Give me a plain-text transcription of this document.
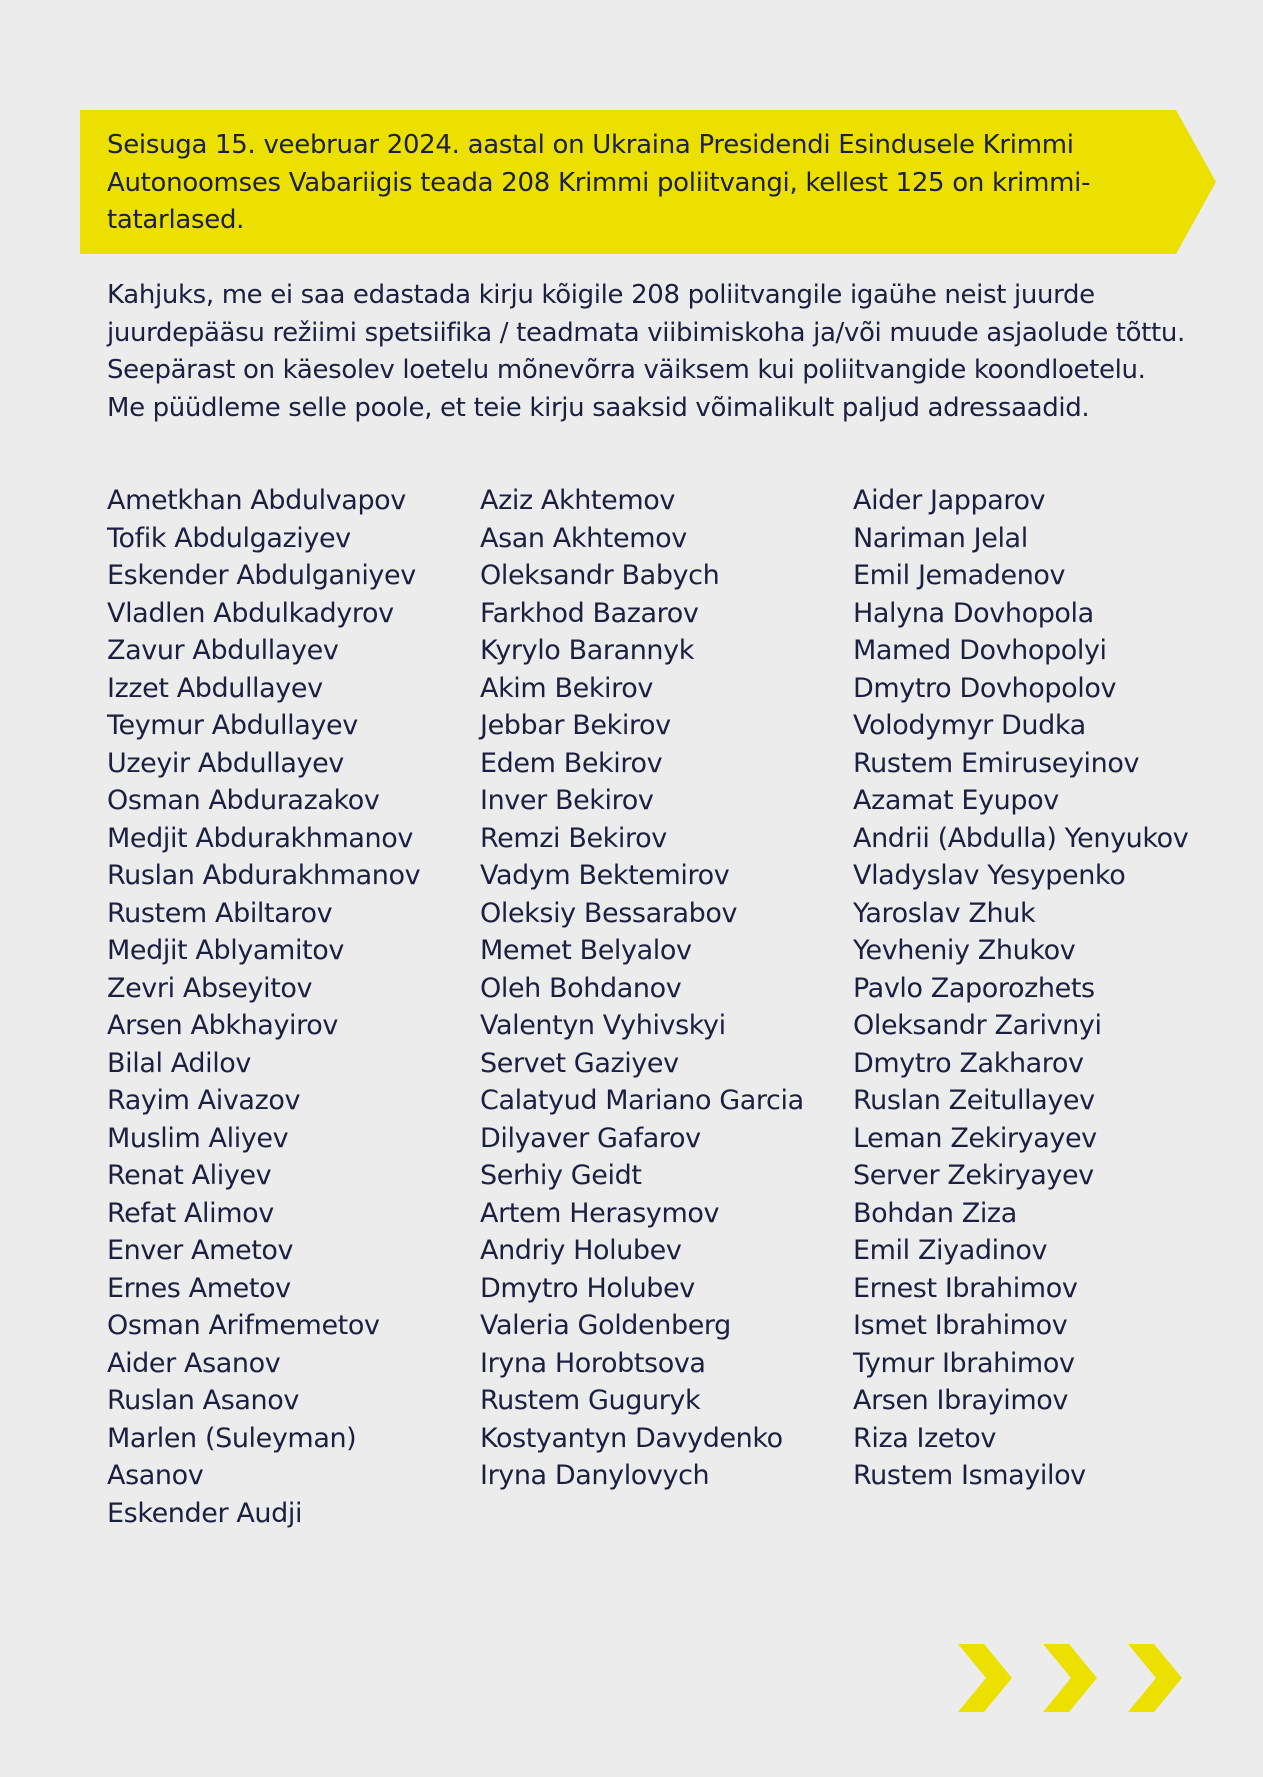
Seisuga 15. veebruar 2024. aastal on Ukraina Presidendi Esindusele Krimmi Autonoomses Vabariigis teada 208 Krimmi poliitvangi, kellest 125 on krimmi-tatarlased.

Kahjuks, me ei saa edastada kirju kõigile 208 poliitvangile igaühe neist juurde juurdepääsu režiimi spetsiifika / teadmata viibimiskoha ja/või muude asjaolude tõttu. Seepärast on käesolev loetelu mõnevõrra väiksem kui poliitvangide koondloetelu. Me püüdleme selle poole, et teie kirju saaksid võimalikult paljud adressaadid.

Ametkhan Abdulvapov
Tofik Abdulgaziyev
Eskender Abdulganiyev
Vladlen Abdulkadyrov
Zavur Abdullayev
Izzet Abdullayev
Teymur Abdullayev
Uzeyir Abdullayev
Osman Abdurazakov
Medjit Abdurakhmanov
Ruslan Abdurakhmanov
Rustem Abiltarov
Medjit Ablyamitov
Zevri Abseyitov
Arsen Abkhayirov
Bilal Adilov
Rayim Aivazov
Muslim Aliyev
Renat Aliyev
Refat Alimov
Enver Ametov
Ernes Ametov
Osman Arifmemetov
Aider Asanov
Ruslan Asanov
Marlen (Suleyman)
Asanov
Eskender Audji
Aziz Akhtemov
Asan Akhtemov
Oleksandr Babych
Farkhod Bazarov
Kyrylo Barannyk
Akim Bekirov
Jebbar Bekirov
Edem Bekirov
Inver Bekirov
Remzi Bekirov
Vadym Bektemirov
Oleksiy Bessarabov
Memet Belyalov
Oleh Bohdanov
Valentyn Vyhivskyi
Servet Gaziyev
Calatyud Mariano Garcia
Dilyaver Gafarov
Serhiy Geidt
Artem Herasymov
Andriy Holubev
Dmytro Holubev
Valeria Goldenberg
Iryna Horobtsova
Rustem Guguryk
Kostyantyn Davydenko
Iryna Danylovych
Aider Japparov
Nariman Jelal
Emil Jemadenov
Halyna Dovhopola
Mamed Dovhopolyi
Dmytro Dovhopolov
Volodymyr Dudka
Rustem Emiruseyinov
Azamat Eyupov
Andrii (Abdulla) Yenyukov
Vladyslav Yesypenko
Yaroslav Zhuk
Yevheniy Zhukov
Pavlo Zaporozhets
Oleksandr Zarivnyi
Dmytro Zakharov
Ruslan Zeitullayev
Leman Zekiryayev
Server Zekiryayev
Bohdan Ziza
Emil Ziyadinov
Ernest Ibrahimov
Ismet Ibrahimov
Tymur Ibrahimov
Arsen Ibrayimov
Riza Izetov
Rustem Ismayilov
